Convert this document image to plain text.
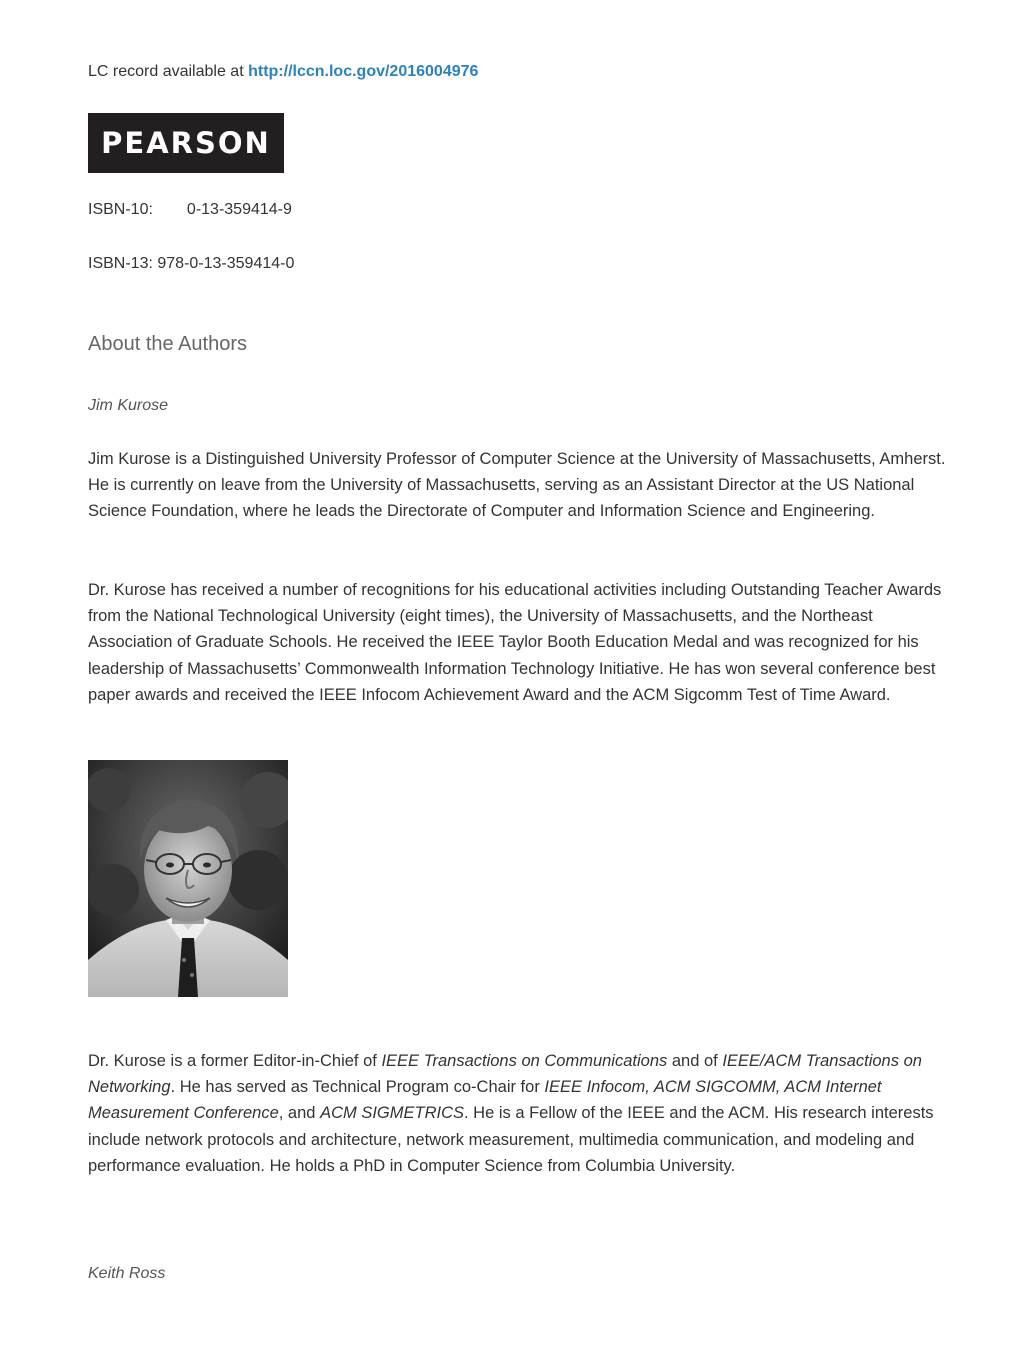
LC record available at http://lccn.loc.gov/2016004976
PEARSON
ISBN-10: 0-13-359414-9
ISBN-13: 978-0-13-359414-0
About the Authors
Jim Kurose

Jim Kurose is a Distinguished University Professor of Computer Science at the University of Massachusetts, Amherst. He is currently on leave from the University of Massachusetts, serving as an Assistant Director at the US National Science Foundation, where he leads the Directorate of Computer and Information Science and Engineering.

Dr. Kurose has received a number of recognitions for his educational activities including Outstanding Teacher Awards from the National Technological University (eight times), the University of Massachusetts, and the Northeast Association of Graduate Schools. He received the IEEE Taylor Booth Education Medal and was recognized for his leadership of Massachusetts’ Commonwealth Information Technology Initiative. He has won several conference best paper awards and received the IEEE Infocom Achievement Award and the ACM Sigcomm Test of Time Award.

Dr. Kurose is a former Editor-in-Chief of IEEE Transactions on Communications and of IEEE/ACM Transactions on Networking. He has served as Technical Program co-Chair for IEEE Infocom, ACM SIGCOMM, ACM Internet Measurement Conference, and ACM SIGMETRICS. He is a Fellow of the IEEE and the ACM. His research interests include network protocols and architecture, network measurement, multimedia communication, and modeling and performance evaluation. He holds a PhD in Computer Science from Columbia University.

Keith Ross
